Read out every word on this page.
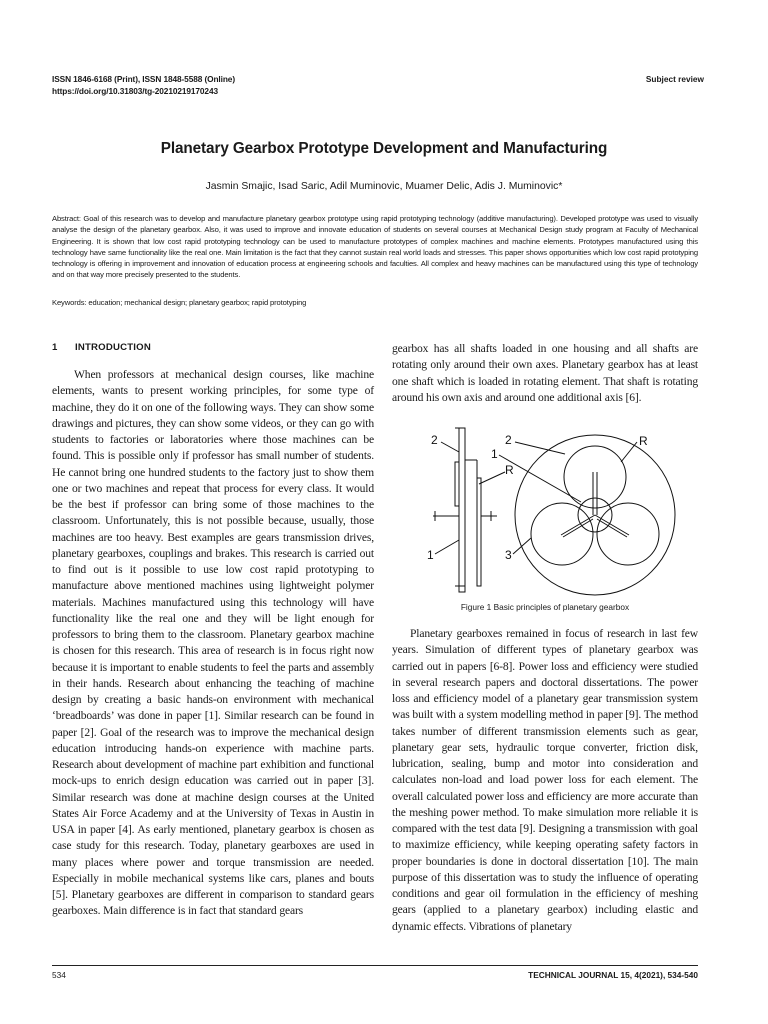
ISSN 1846-6168 (Print), ISSN 1848-5588 (Online)
https://doi.org/10.31803/tg-20210219170243
Subject review
Planetary Gearbox Prototype Development and Manufacturing
Jasmin Smajic, Isad Saric, Adil Muminovic, Muamer Delic, Adis J. Muminovic*
Abstract: Goal of this research was to develop and manufacture planetary gearbox prototype using rapid prototyping technology (additive manufacturing). Developed prototype was used to visually analyse the design of the planetary gearbox. Also, it was used to improve and innovate education of students on several courses at Mechanical Design study program at Faculty of Mechanical Engineering. It is shown that low cost rapid prototyping technology can be used to manufacture prototypes of complex machines and machine elements. Prototypes manufactured using this technology have same functionality like the real one. Main limitation is the fact that they cannot sustain real world loads and stresses. This paper shows opportunities which low cost rapid prototyping technology is offering in improvement and innovation of education process at engineering schools and faculties. All complex and heavy machines can be manufactured using this type of technology and on that way more precisely presented to the students.
Keywords: education; mechanical design; planetary gearbox; rapid prototyping
1 INTRODUCTION
When professors at mechanical design courses, like machine elements, wants to present working principles, for some type of machine, they do it on one of the following ways. They can show some drawings and pictures, they can show some videos, or they can go with students to factories or laboratories where those machines can be found. This is possible only if professor has small number of students. He cannot bring one hundred students to the factory just to show them one or two machines and repeat that process for every class. It would be the best if professor can bring some of those machines to the classroom. Unfortunately, this is not possible because, usually, those machines are too heavy. Best examples are gears transmission drives, planetary gearboxes, couplings and brakes. This research is carried out to find out is it possible to use low cost rapid prototyping to manufacture above mentioned machines using lightweight polymer materials. Machines manufactured using this technology will have functionality like the real one and they will be light enough for professors to bring them to the classroom. Planetary gearbox machine is chosen for this research. This area of research is in focus right now because it is important to enable students to feel the parts and assembly in their hands. Research about enhancing the teaching of machine design by creating a basic hands-on environment with mechanical ‘breadboards’ was done in paper [1]. Similar research can be found in paper [2]. Goal of the research was to improve the mechanical design education introducing hands-on experience with machine parts. Research about development of machine part exhibition and functional mock-ups to enrich design education was carried out in paper [3]. Similar research was done at machine design courses at the United States Air Force Academy and at the University of Texas in Austin in USA in paper [4]. As early mentioned, planetary gearbox is chosen as case study for this research. Today, planetary gearboxes are used in many places where power and torque transmission are needed. Especially in mobile mechanical systems like cars, planes and bouts [5]. Planetary gearboxes are different in comparison to standard gears gearboxes. Main difference is in fact that standard gears
gearbox has all shafts loaded in one housing and all shafts are rotating only around their own axes. Planetary gearbox has at least one shaft which is loaded in rotating element. That shaft is rotating around his own axis and around one additional axis [6].
2
1
2
1
R
R
3
Figure 1 Basic principles of planetary gearbox
Planetary gearboxes remained in focus of research in last few years. Simulation of different types of planetary gearbox was carried out in papers [6-8]. Power loss and efficiency were studied in several research papers and doctoral dissertations. The power loss and efficiency model of a planetary gear transmission system was built with a system modelling method in paper [9]. The method takes number of different transmission elements such as gear, planetary gear sets, hydraulic torque converter, friction disk, lubrication, sealing, bump and motor into consideration and calculates non-load and load power loss for each element. The overall calculated power loss and efficiency are more accurate than the meshing power method. To make simulation more reliable it is compared with the test data [9]. Designing a transmission with goal to maximize efficiency, while keeping operating safety factors in proper boundaries is done in doctoral dissertation [10]. The main purpose of this dissertation was to study the influence of operating conditions and gear oil formulation in the efficiency of meshing gears (applied to a planetary gearbox) including elastic and dynamic effects. Vibrations of planetary
534	TECHNICAL JOURNAL 15, 4(2021), 534-540
